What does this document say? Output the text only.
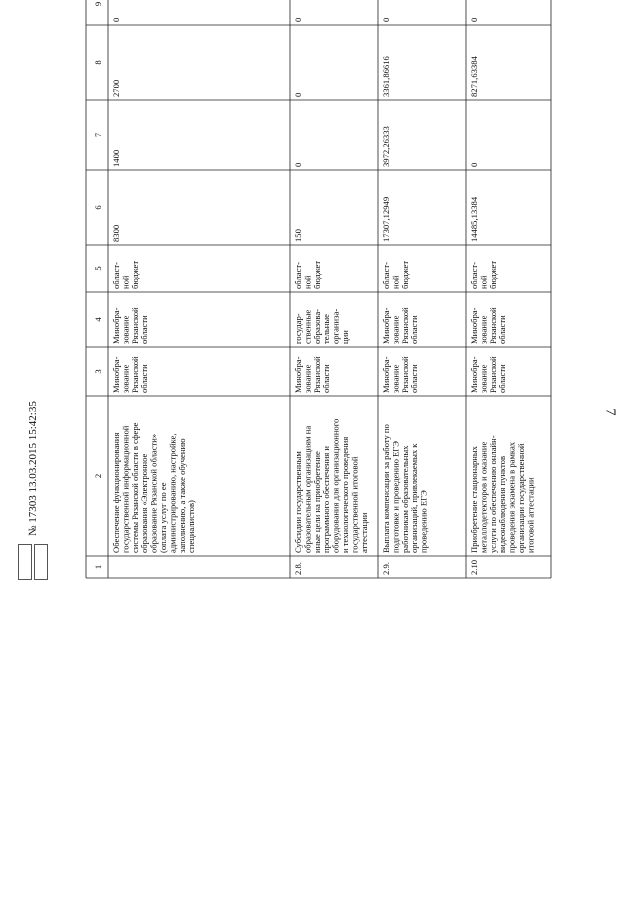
7
1
2
3
4
5
6
7
8
9
Обеспечение функционирования государственной информационной системы Рязанской области в сфере образования «Электронное образование Рязанской области» (оплата услуг по ее администрированию, настройке, заполнению, а также обучению специалистов)
Минобра- зование Рязанской области
Минобра- зование Рязанской области
област- ной бюджет
8300
1400
2700
0
2.8.
Субсидии государственным образовательным организациям на иные цели на приобретение программного обеспечения и оборудования для организационного и технологического проведения государственной итоговой аттестации
Минобра- зование Рязанской области
государ- ственные образова- тельные организа- ции
област- ной бюджет
150
0
0
0
2.9.
Выплата компенсации за работу по подготовке и проведению ЕГЭ работникам образовательных организаций, привлекаемых к проведению ЕГЭ
Минобра- зование Рязанской области
Минобра- зование Рязанской области
област- ной бюджет
17307,12949
3972,26333
3361,86616
0
2.10
Приобретение стационарных металлодетекторов и оказание услуги по обеспечению онлайн- видеонаблюдения пунктов проведения экзамена в рамках организации государственной итоговой аттестации
Минобра- зование Рязанской области
Минобра- зование Рязанской области
област- ной бюджет
14485,13384
0
8271,63384
0
№ 17303 13.03.2015 15:42:35
